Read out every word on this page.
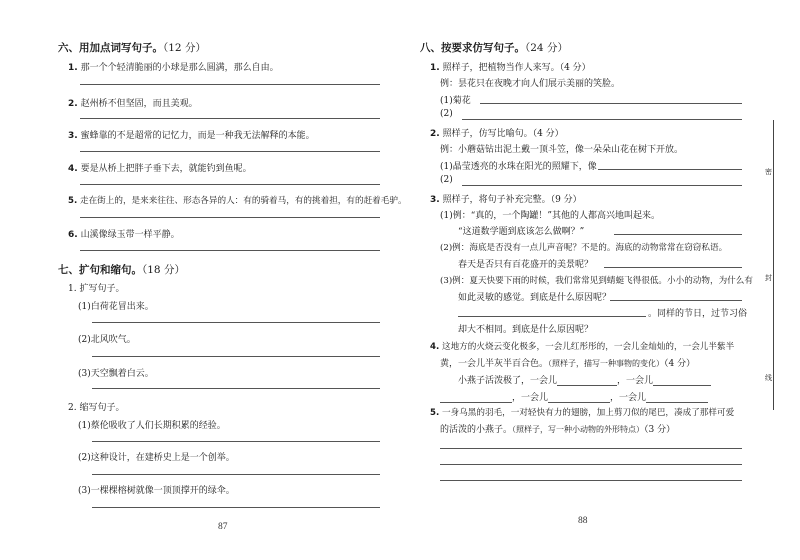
六、用加点词写句子。（12 分）
1. 那一个个轻清脆丽的小球是那么圆满，那么自由。
2. 赵州桥不但坚固，而且美观。
3. 蜜蜂靠的不是超常的记忆力，而是一种我无法解释的本能。
4. 要是从桥上把胖子垂下去，就能钓到鱼呢。
5. 走在街上的，是来来往往、形态各异的人：有的骑着马，有的挑着担，有的赶着毛驴。
6. 山溪像绿玉带一样平静。
七、扩句和缩句。（18 分）
1. 扩写句子。
(1)白荷花冒出来。
(2)北风吹气。
(3)天空飘着白云。
2. 缩写句子。
(1)蔡伦吸收了人们长期积累的经验。
(2)这种设计，在建桥史上是一个创举。
(3)一棵棵榕树就像一顶顶撑开的绿伞。
87
八、按要求仿写句子。（24 分）
1. 照样子，把植物当作人来写。（4 分）
例：昙花只在夜晚才向人们展示美丽的笑脸。
(1)菊花
(2)
2. 照样子，仿写比喻句。（4 分）
例：小蘑菇钻出泥土戴一顶斗笠，像一朵朵山花在树下开放。
(1)晶莹透亮的水珠在阳光的照耀下，像
(2)
3. 照样子，将句子补充完整。（9 分）
(1)例：“真的，一个陶罐！”其他的人都高兴地叫起来。
“这道数学题到底该怎么做啊？”
(2)例：海底是否没有一点儿声音呢？不是的。海底的动物常常在窃窃私语。
春天是否只有百花盛开的美景呢？
(3)例：夏天快要下雨的时候，我们常常见到蜻蜓飞得很低。小小的动物，为什么有
如此灵敏的感觉。到底是什么原因呢？
。同样的节日，过节习俗
却大不相同。到底是什么原因呢？
4. 这地方的火烧云变化极多，一会儿红彤彤的，一会儿金灿灿的，一会儿半紫半
黄，一会儿半灰半百合色。（照样子，描写一种事物的变化）（4 分）
小燕子活泼极了，一会儿	，一会儿
，一会儿	，一会儿
5. 一身乌黑的羽毛，一对轻快有力的翅膀，加上剪刀似的尾巴，凑成了那样可爱
的活泼的小燕子。（照样子，写一种小动物的外形特点）（3 分）
88
密
封
线
